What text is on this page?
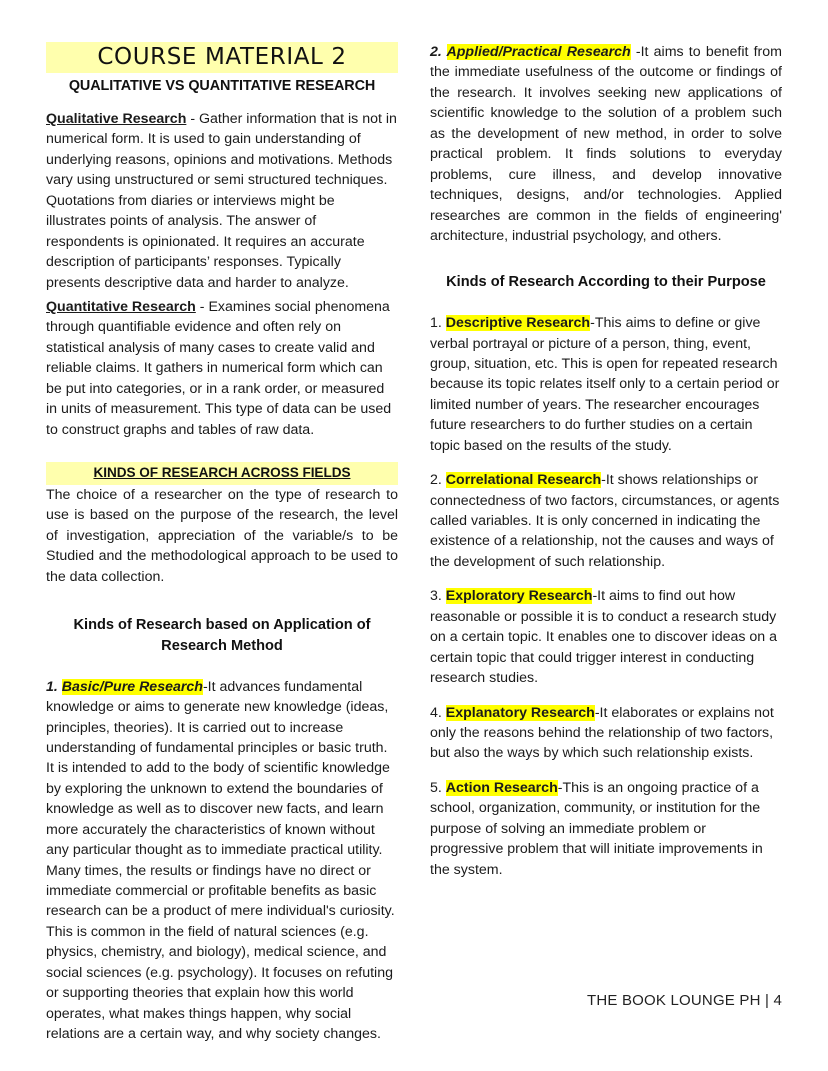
COURSE MATERIAL 2
QUALITATIVE VS QUANTITATIVE RESEARCH

Qualitative Research - Gather information that is not in numerical form. It is used to gain understanding of underlying reasons, opinions and motivations. Methods vary using unstructured or semi structured techniques. Quotations from diaries or interviews might be illustrates points of analysis. The answer of respondents is opinionated. It requires an accurate description of participants’ responses. Typically presents descriptive data and harder to analyze.

Quantitative Research - Examines social phenomena through quantifiable evidence and often rely on statistical analysis of many cases to create valid and reliable claims. It gathers in numerical form which can be put into categories, or in a rank order, or measured in units of measurement. This type of data can be used to construct graphs and tables of raw data.

KINDS OF RESEARCH ACROSS FIELDS

The choice of a researcher on the type of research to use is based on the purpose of the research, the level of investigation, appreciation of the variable/s to be Studied and the methodological approach to be used to the data collection.

Kinds of Research based on Application of Research Method

1. Basic/Pure Research-It advances fundamental knowledge or aims to generate new knowledge (ideas, principles, theories). It is carried out to increase understanding of fundamental principles or basic truth. It is intended to add to the body of scientific knowledge by exploring the unknown to extend the boundaries of knowledge as well as to discover new facts, and learn more accurately the characteristics of known without any particular thought as to immediate practical utility. Many times, the results or findings have no direct or immediate commercial or profitable benefits as basic research can be a product of mere individual's curiosity. This is common in the field of natural sciences (e.g. physics, chemistry, and biology), medical science, and social sciences (e.g. psychology). It focuses on refuting or supporting theories that explain how this world operates, what makes things happen, why social relations are a certain way, and why society changes.

2. Applied/Practical Research -It aims to benefit from the immediate usefulness of the outcome or findings of the research. It involves seeking new applications of scientific knowledge to the solution of a problem such as the development of new method, in order to solve practical problem. It finds solutions to everyday problems, cure illness, and develop innovative techniques, designs, and/or technologies. Applied researches are common in the fields of engineering' architecture, industrial psychology, and others.

Kinds of Research According to their Purpose

1. Descriptive Research-This aims to define or give verbal portrayal or picture of a person, thing, event, group, situation, etc. This is open for repeated research because its topic relates itself only to a certain period or limited number of years. The researcher encourages future researchers to do further studies on a certain topic based on the results of the study.

2. Correlational Research-It shows relationships or connectedness of two factors, circumstances, or agents called variables. It is only concerned in indicating the existence of a relationship, not the causes and ways of the development of such relationship.

3. Exploratory Research-It aims to find out how reasonable or possible it is to conduct a research study on a certain topic. It enables one to discover ideas on a certain topic that could trigger interest in conducting research studies.

4. Explanatory Research-It elaborates or explains not only the reasons behind the relationship of two factors, but also the ways by which such relationship exists.

5. Action Research-This is an ongoing practice of a school, organization, community, or institution for the purpose of solving an immediate problem or progressive problem that will initiate improvements in the system.

THE BOOK LOUNGE PH | 4
